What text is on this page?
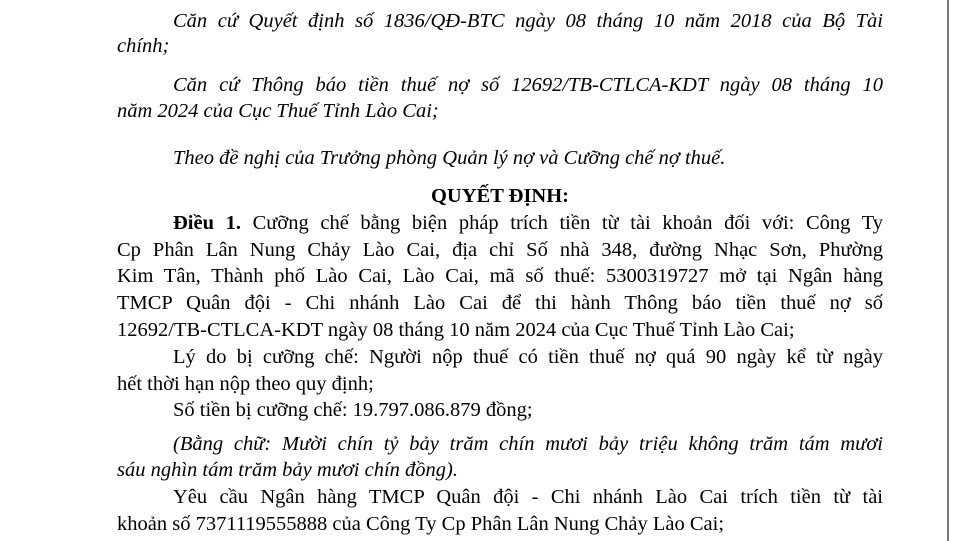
Căn cứ Quyết định số 1836/QĐ-BTC ngày 08 tháng 10 năm 2018 của Bộ Tài
chính;
Căn cứ Thông báo tiền thuế nợ số 12692/TB-CTLCA-KDT ngày 08 tháng 10
năm 2024 của Cục Thuế Tỉnh Lào Cai;
Theo đề nghị của Trưởng phòng Quản lý nợ và Cưỡng chế nợ thuế.
QUYẾT ĐỊNH:
Điều 1. Cưỡng chế bằng biện pháp trích tiền từ tài khoản đối với: Công Ty
Cp Phân Lân Nung Chảy Lào Cai, địa chỉ Số nhà 348, đường Nhạc Sơn, Phường
Kim Tân, Thành phố Lào Cai, Lào Cai, mã số thuế: 5300319727 mở tại Ngân hàng
TMCP Quân đội - Chi nhánh Lào Cai để thi hành Thông báo tiền thuế nợ số
12692/TB-CTLCA-KDT ngày 08 tháng 10 năm 2024 của Cục Thuế Tỉnh Lào Cai;
Lý do bị cưỡng chế: Người nộp thuế có tiền thuế nợ quá 90 ngày kể từ ngày
hết thời hạn nộp theo quy định;
Số tiền bị cưỡng chế: 19.797.086.879 đồng;
(Bằng chữ: Mười chín tỷ bảy trăm chín mươi bảy triệu không trăm tám mươi
sáu nghìn tám trăm bảy mươi chín đồng).
Yêu cầu Ngân hàng TMCP Quân đội - Chi nhánh Lào Cai trích tiền từ tài
khoản số 7371119555888 của Công Ty Cp Phân Lân Nung Chảy Lào Cai;
